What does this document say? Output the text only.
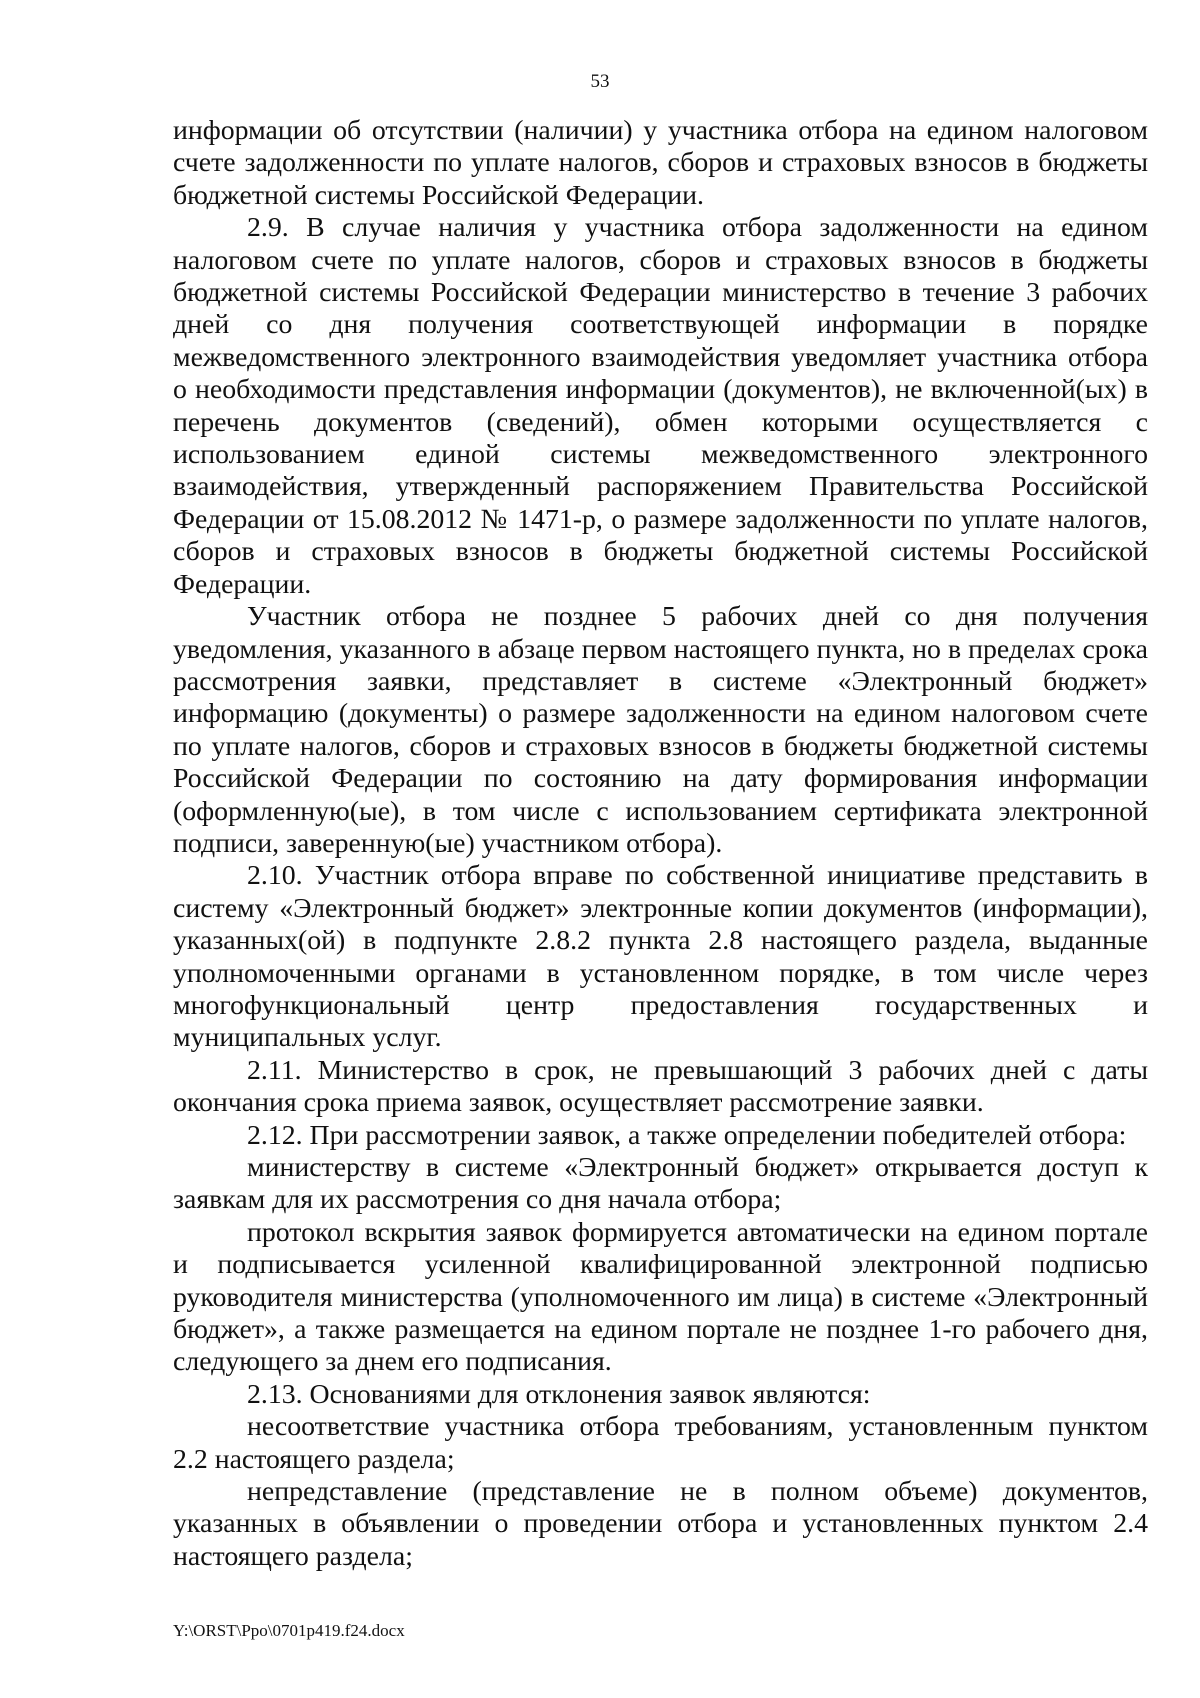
53

информации об отсутствии (наличии) у участника отбора на едином налоговом счете задолженности по уплате налогов, сборов и страховых взносов в бюджеты бюджетной системы Российской Федерации.

2.9. В случае наличия у участника отбора задолженности на едином налоговом счете по уплате налогов, сборов и страховых взносов в бюджеты бюджетной системы Российской Федерации министерство в течение 3 рабочих дней со дня получения соответствующей информации в порядке межведомственного электронного взаимодействия уведомляет участника отбора о необходимости представления информации (документов), не включенной(ых) в перечень документов (сведений), обмен которыми осуществляется с использованием единой системы межведомственного электронного взаимодействия, утвержденный распоряжением Правительства Российской Федерации от 15.08.2012 № 1471-р, о размере задолженности по уплате налогов, сборов и страховых взносов в бюджеты бюджетной системы Российской Федерации.

Участник отбора не позднее 5 рабочих дней со дня получения уведомления, указанного в абзаце первом настоящего пункта, но в пределах срока рассмотрения заявки, представляет в системе «Электронный бюджет» информацию (документы) о размере задолженности на едином налоговом счете по уплате налогов, сборов и страховых взносов в бюджеты бюджетной системы Российской Федерации по состоянию на дату формирования информации (оформленную(ые), в том числе с использованием сертификата электронной подписи, заверенную(ые) участником отбора).

2.10. Участник отбора вправе по собственной инициативе представить в систему «Электронный бюджет» электронные копии документов (информации), указанных(ой) в подпункте 2.8.2 пункта 2.8 настоящего раздела, выданные уполномоченными органами в установленном порядке, в том числе через многофункциональный центр предоставления государственных и муниципальных услуг.

2.11. Министерство в срок, не превышающий 3 рабочих дней с даты окончания срока приема заявок, осуществляет рассмотрение заявки.

2.12. При рассмотрении заявок, а также определении победителей отбора:

министерству в системе «Электронный бюджет» открывается доступ к заявкам для их рассмотрения со дня начала отбора;

протокол вскрытия заявок формируется автоматически на едином портале и подписывается усиленной квалифицированной электронной подписью руководителя министерства (уполномоченного им лица) в системе «Электронный бюджет», а также размещается на едином портале не позднее 1-го рабочего дня, следующего за днем его подписания.

2.13. Основаниями для отклонения заявок являются:

несоответствие участника отбора требованиям, установленным пунктом 2.2 настоящего раздела;

непредставление (представление не в полном объеме) документов, указанных в объявлении о проведении отбора и установленных пунктом 2.4 настоящего раздела;

Y:\ORST\Ppo\0701p419.f24.docx
